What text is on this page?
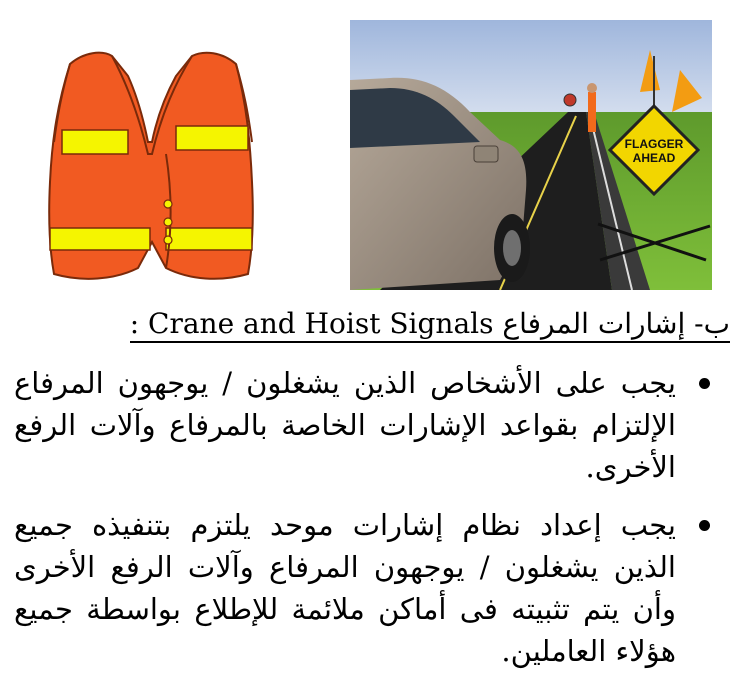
FLAGGER
AHEAD
ب- إشارات المرفاع Crane and Hoist Signals :
يجب على الأشخاص الذين يشغلون / يوجهون المرفاع الإلتزام بقواعد الإشارات الخاصة بالمرفاع وآلات الرفع الأخرى.
يجب إعداد نظام إشارات موحد يلتزم بتنفيذه جميع الذين يشغلون / يوجهون المرفاع وآلات الرفع الأخرى وأن يتم تثبيته فى أماكن ملائمة للإطلاع بواسطة جميع هؤلاء العاملين.
